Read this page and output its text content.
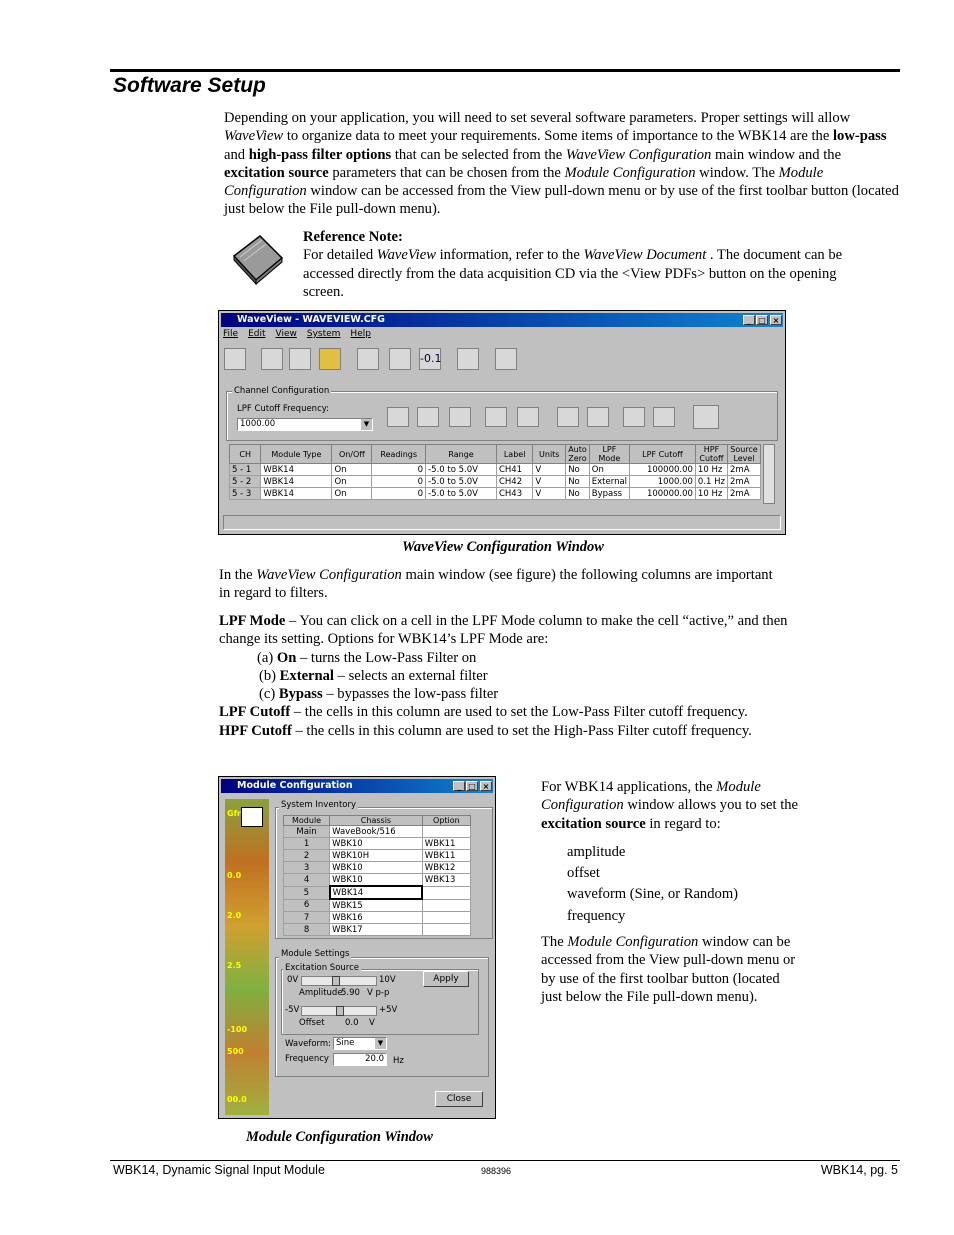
Software Setup

Depending on your application, you will need to set several software parameters. Proper settings will allow WaveView to organize data to meet your requirements. Some items of importance to the WBK14 are the low-pass and high-pass filter options that can be selected from the WaveView Configuration main window and the excitation source parameters that can be chosen from the Module Configuration window. The Module Configuration window can be accessed from the View pull-down menu or by use of the first toolbar button (located just below the File pull-down menu).

Reference Note:

For detailed WaveView information, refer to the WaveView Document . The document can be accessed directly from the data acquisition CD via the <View PDFs> button on the opening screen.

WaveView - WAVEVIEW.CFG	_ □ ×
File Edit View System Help
-0.1
Channel Configuration
LPF Cutoff Frequency:
1000.00	▼
CH	Module Type	On/Off	Readings	Range	Label	Units	Auto Zero	LPF Mode	LPF Cutoff	HPF Cutoff	Source Level
5 - 1	WBK14	On	0	-5.0 to 5.0V	CH41	V	No	On	100000.00	10 Hz	2mA
5 - 2	WBK14	On	0	-5.0 to 5.0V	CH42	V	No	External	1000.00	0.1 Hz	2mA
5 - 3	WBK14	On	0	-5.0 to 5.0V	CH43	V	No	Bypass	100000.00	10 Hz	2mA
WaveView Configuration Window

In the WaveView Configuration main window (see figure) the following columns are important in regard to filters.

LPF Mode – You can click on a cell in the LPF Mode column to make the cell “active,” and then change its setting. Options for WBK14’s LPF Mode are:

(a) On – turns the Low-Pass Filter on

(b) External – selects an external filter

(c) Bypass – bypasses the low-pass filter

LPF Cutoff – the cells in this column are used to set the Low-Pass Filter cutoff frequency.

HPF Cutoff – the cells in this column are used to set the High-Pass Filter cutoff frequency.

Module Configuration	_ □ ×
Gfr
0.0
2.0
2.5
-100
500
00.0
System Inventory
Module	Chassis	Option
Main	WaveBook/516	
1	WBK10	WBK11
2	WBK10H	WBK11
3	WBK10	WBK12
4	WBK10	WBK13
5	WBK14	
6	WBK15	
7	WBK16	
8	WBK17	
Module Settings
Excitation Source
0V	10V
Amplitude
5.90 V p-p
-5V	+5V
Offset 0.0 V
Apply
Waveform: Sine	▼
Frequency	20.0	Hz
Close
Module Configuration Window

For WBK14 applications, the Module Configuration window allows you to set the excitation source in regard to:

amplitude

offset

waveform (Sine, or Random)

frequency

The Module Configuration window can be accessed from the View pull-down menu or by use of the first toolbar button (located just below the File pull-down menu).

WBK14, Dynamic Signal Input Module	988396	WBK14, pg. 5
